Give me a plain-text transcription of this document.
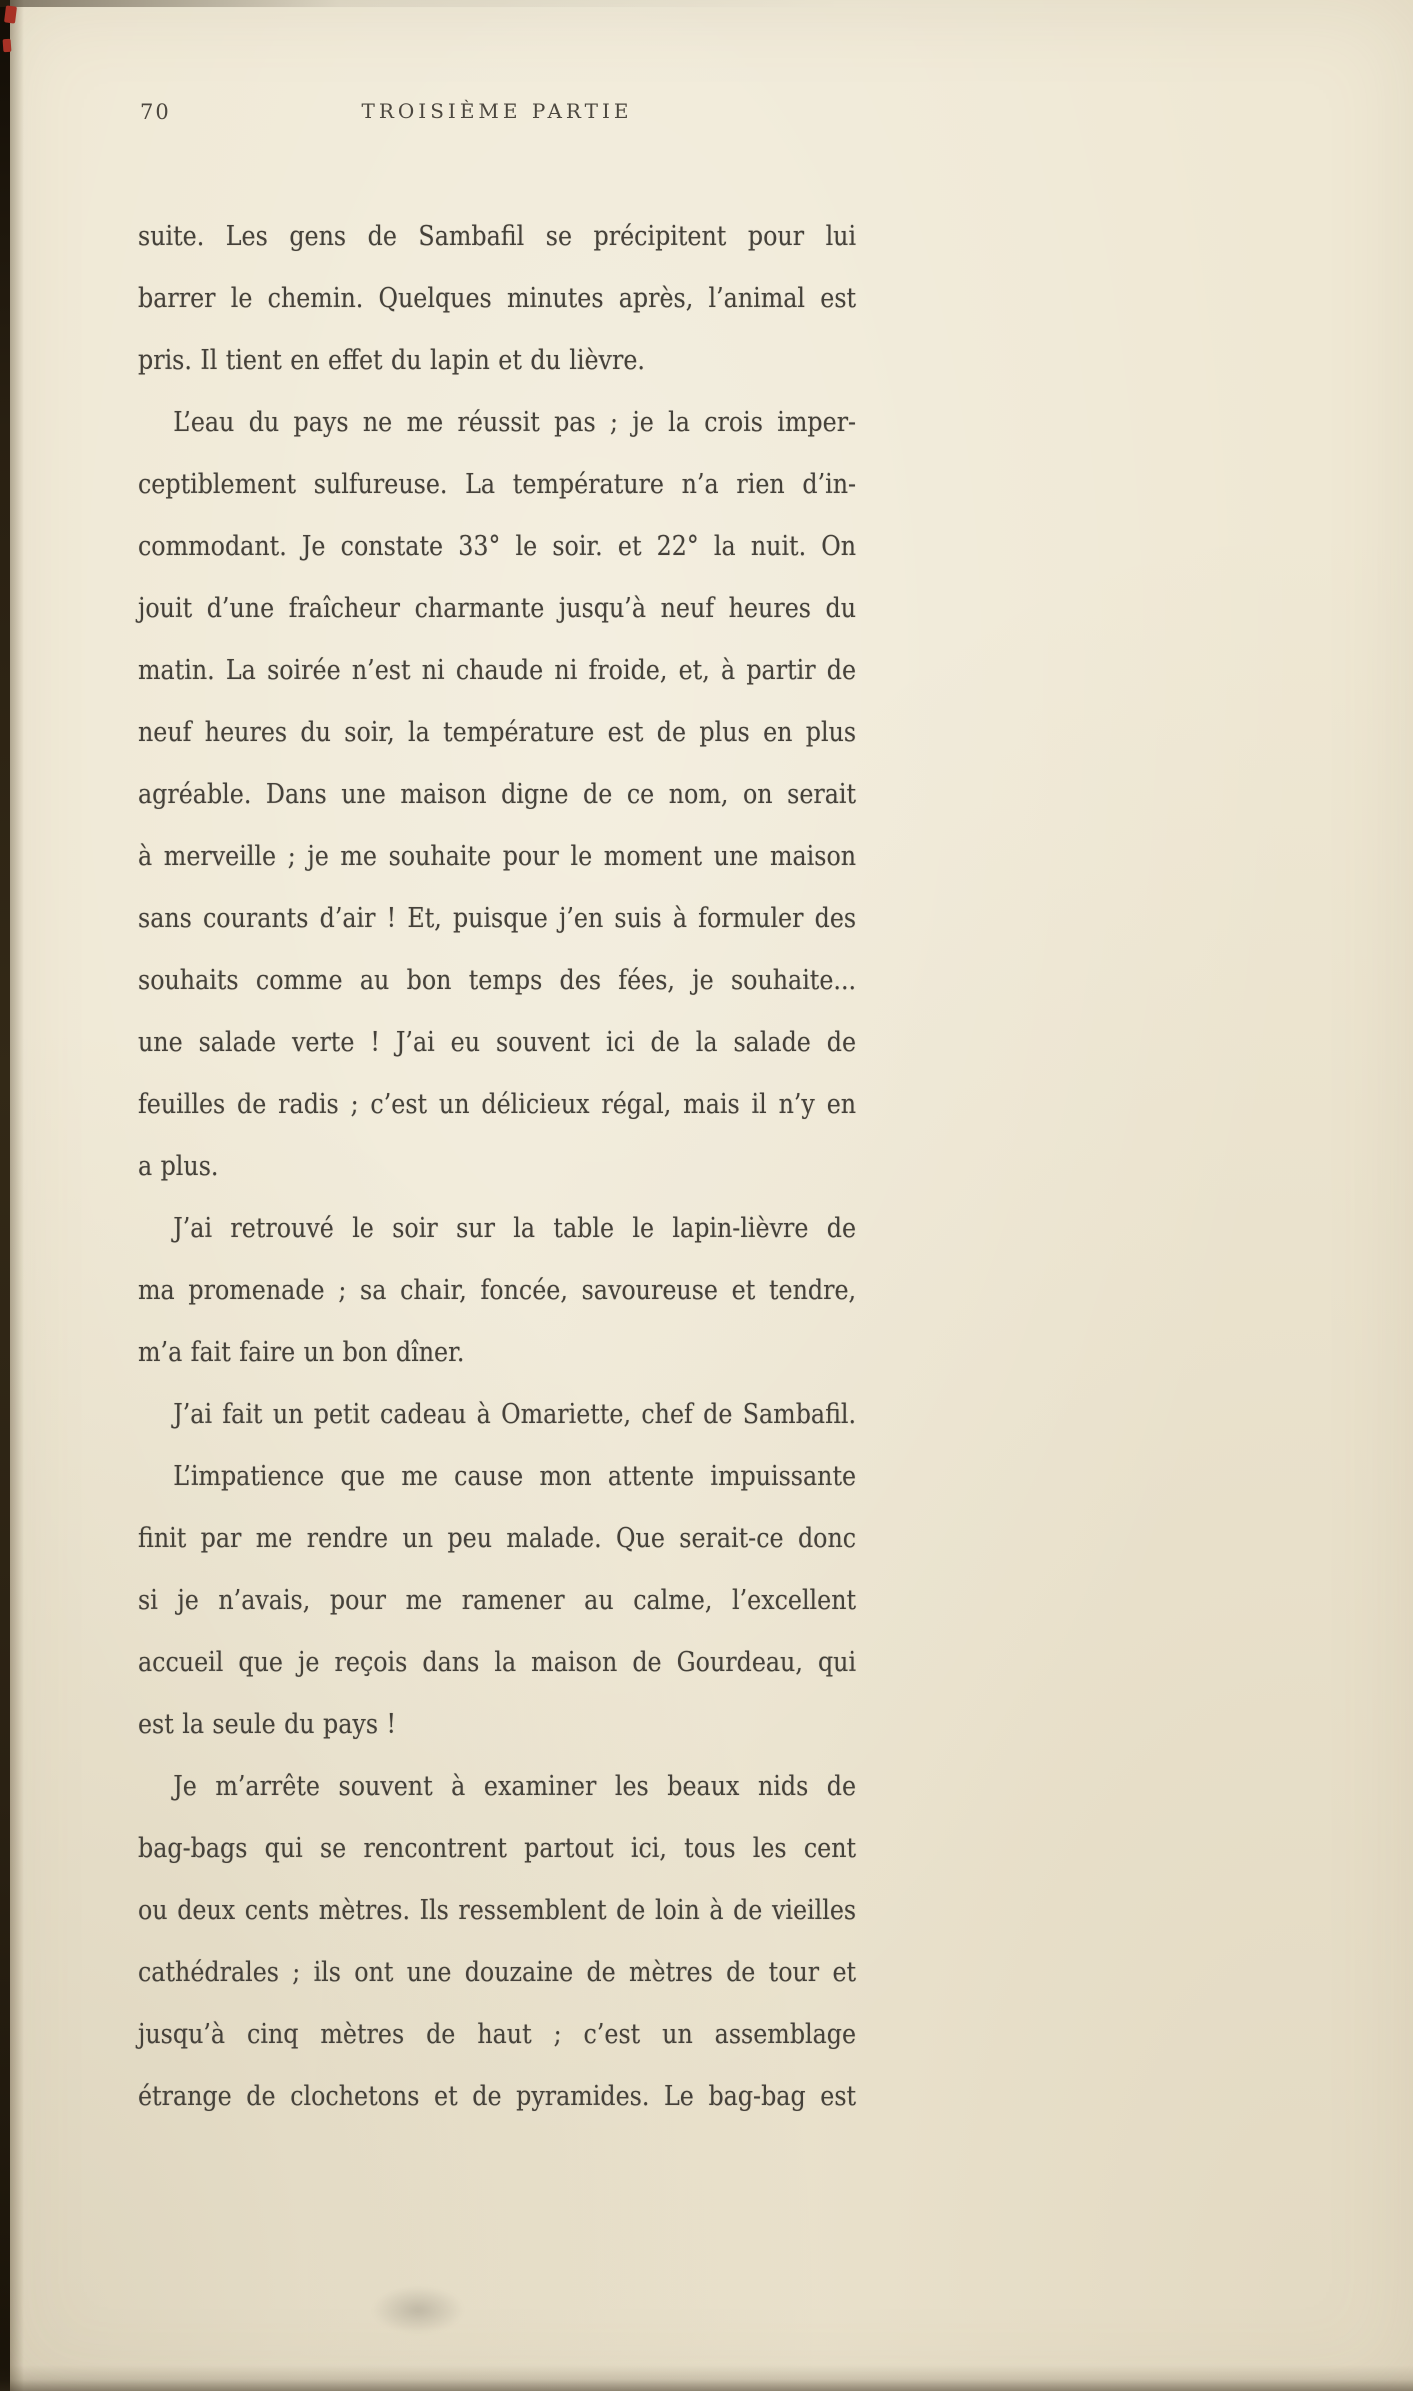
70	TROISIÈME PARTIE
suite. Les gens de Sambafil se précipitent pour lui
barrer le chemin. Quelques minutes après, l’animal est
pris. Il tient en effet du lapin et du lièvre.
L’eau du pays ne me réussit pas ; je la crois imper-
ceptiblement sulfureuse. La température n’a rien d’in-
commodant. Je constate 33° le soir. et 22° la nuit. On
jouit d’une fraîcheur charmante jusqu’à neuf heures du
matin. La soirée n’est ni chaude ni froide, et, à partir de
neuf heures du soir, la température est de plus en plus
agréable. Dans une maison digne de ce nom, on serait
à merveille ; je me souhaite pour le moment une maison
sans courants d’air ! Et, puisque j’en suis à formuler des
souhaits comme au bon temps des fées, je souhaite...
une salade verte ! J’ai eu souvent ici de la salade de
feuilles de radis ; c’est un délicieux régal, mais il n’y en
a plus.
J’ai retrouvé le soir sur la table le lapin-lièvre de
ma promenade ; sa chair, foncée, savoureuse et tendre,
m’a fait faire un bon dîner.
J’ai fait un petit cadeau à Omariette, chef de Sambafil.
L’impatience que me cause mon attente impuissante
finit par me rendre un peu malade. Que serait-ce donc
si je n’avais, pour me ramener au calme, l’excellent
accueil que je reçois dans la maison de Gourdeau, qui
est la seule du pays !
Je m’arrête souvent à examiner les beaux nids de
bag-bags qui se rencontrent partout ici, tous les cent
ou deux cents mètres. Ils ressemblent de loin à de vieilles
cathédrales ; ils ont une douzaine de mètres de tour et
jusqu’à cinq mètres de haut ; c’est un assemblage
étrange de clochetons et de pyramides. Le bag-bag est
